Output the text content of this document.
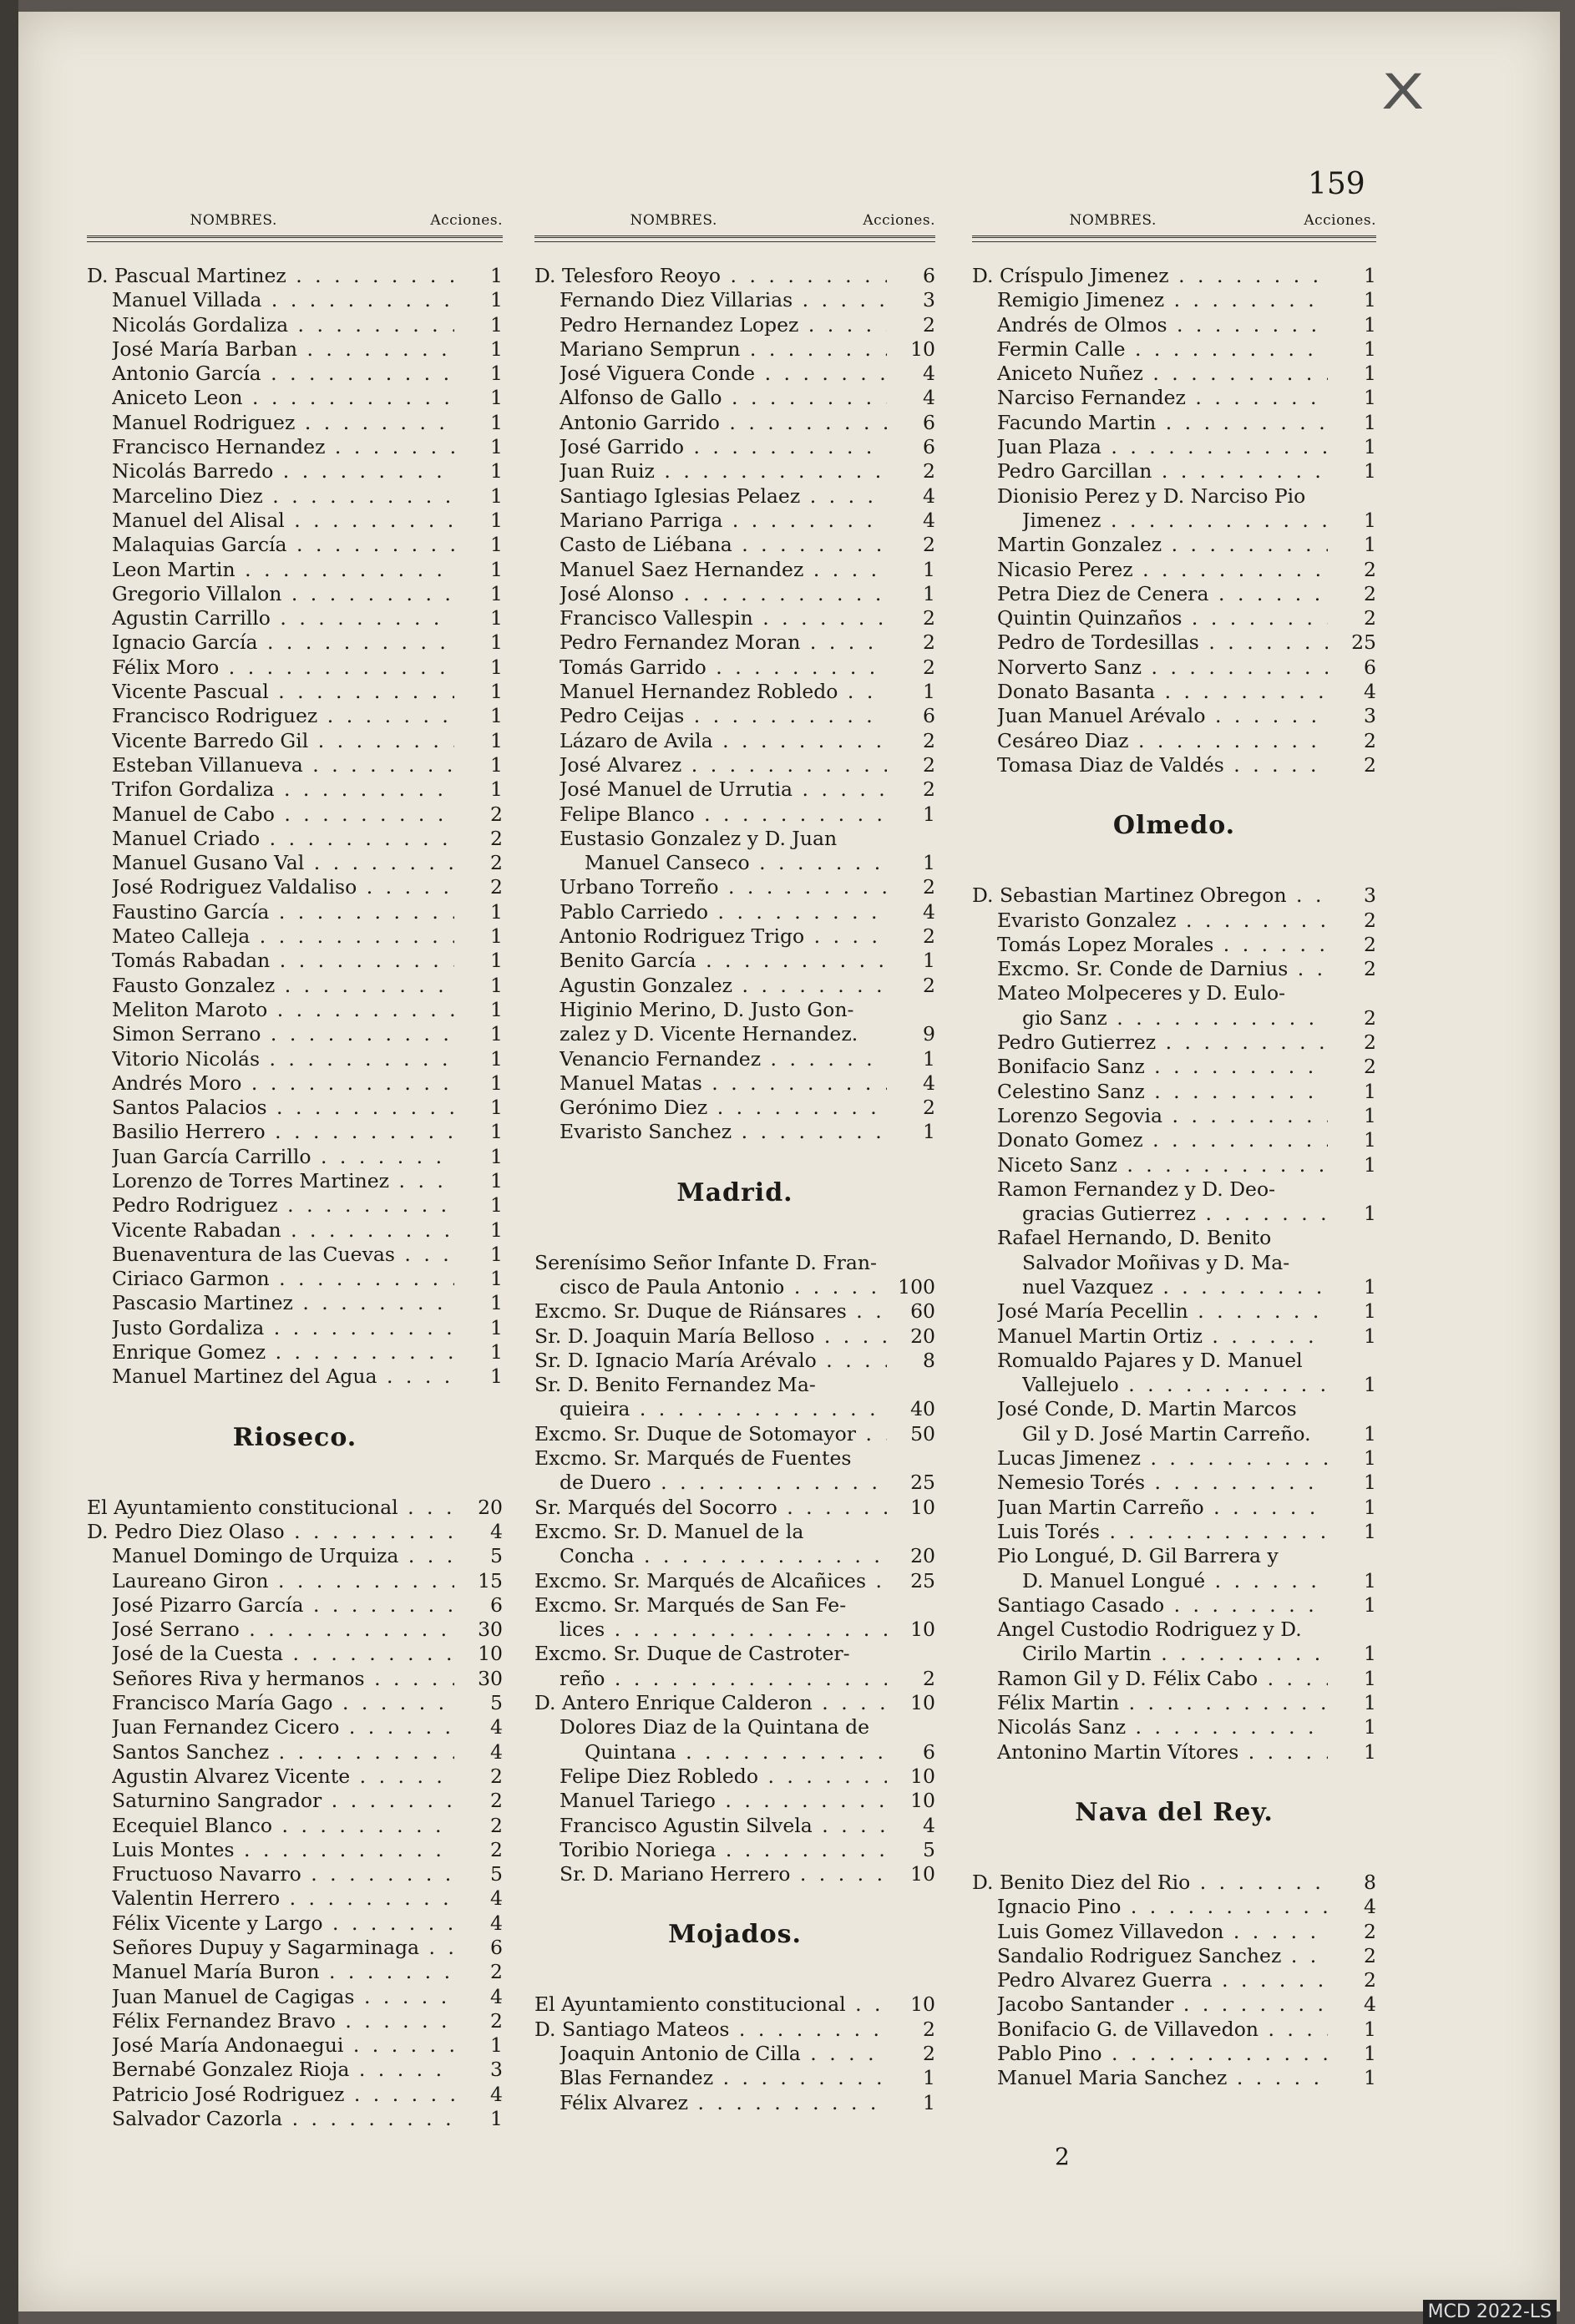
X
159
NOMBRES.	Acciones.
D. Pascual Martinez . . .	1
Manuel Villada . . .	1
Nicolás Gordaliza . . .	1
José María Barban . . .	1
Antonio García . . .	1
Aniceto Leon . . .	1
Manuel Rodriguez . . .	1
Francisco Hernandez . . .	1
Nicolás Barredo . . .	1
Marcelino Diez . . .	1
Manuel del Alisal . . .	1
Malaquias García . . .	1
Leon Martin . . .	1
Gregorio Villalon . . .	1
Agustin Carrillo . . .	1
Ignacio García . . .	1
Félix Moro . . .	1
Vicente Pascual . . .	1
Francisco Rodriguez . . .	1
Vicente Barredo Gil . . .	1
Esteban Villanueva . . .	1
Trifon Gordaliza . . .	1
Manuel de Cabo . . .	2
Manuel Criado . . .	2
Manuel Gusano Val . . .	2
José Rodriguez Valdaliso . . .	2
Faustino García . . .	1
Mateo Calleja . . .	1
Tomás Rabadan . . .	1
Fausto Gonzalez . . .	1
Meliton Maroto . . .	1
Simon Serrano . . .	1
Vitorio Nicolás . . .	1
Andrés Moro . . .	1
Santos Palacios . . .	1
Basilio Herrero . . .	1
Juan García Carrillo . . .	1
Lorenzo de Torres Martinez . . .	1
Pedro Rodriguez . . .	1
Vicente Rabadan . . .	1
Buenaventura de las Cuevas . . .	1
Ciriaco Garmon . . .	1
Pascasio Martinez . . .	1
Justo Gordaliza . . .	1
Enrique Gomez . . .	1
Manuel Martinez del Agua . . .	1
Rioseco.
El Ayuntamiento constitucional . . .	20
D. Pedro Diez Olaso . . .	4
Manuel Domingo de Urquiza . . .	5
Laureano Giron . . .	15
José Pizarro García . . .	6
José Serrano . . .	30
José de la Cuesta . . .	10
Señores Riva y hermanos . . .	30
Francisco María Gago . . .	5
Juan Fernandez Cicero . . .	4
Santos Sanchez . . .	4
Agustin Alvarez Vicente . . .	2
Saturnino Sangrador . . .	2
Ecequiel Blanco . . .	2
Luis Montes . . .	2
Fructuoso Navarro . . .	5
Valentin Herrero . . .	4
Félix Vicente y Largo . . .	4
Señores Dupuy y Sagarminaga . . .	6
Manuel María Buron . . .	2
Juan Manuel de Cagigas . . .	4
Félix Fernandez Bravo . . .	2
José María Andonaegui . . .	1
Bernabé Gonzalez Rioja . . .	3
Patricio José Rodriguez . . .	4
Salvador Cazorla . . .	1
NOMBRES.	Acciones.
D. Telesforo Reoyo . . .	6
Fernando Diez Villarias . . .	3
Pedro Hernandez Lopez . . .	2
Mariano Semprun . . .	10
José Viguera Conde . . .	4
Alfonso de Gallo . . .	4
Antonio Garrido . . .	6
José Garrido . . .	6
Juan Ruiz . . .	2
Santiago Iglesias Pelaez . . .	4
Mariano Parriga . . .	4
Casto de Liébana . . .	2
Manuel Saez Hernandez . . .	1
José Alonso . . .	1
Francisco Vallespin . . .	2
Pedro Fernandez Moran . . .	2
Tomás Garrido . . .	2
Manuel Hernandez Robledo . . .	1
Pedro Ceijas . . .	6
Lázaro de Avila . . .	2
José Alvarez . . .	2
José Manuel de Urrutia . . .	2
Felipe Blanco . . .	1
Eustasio Gonzalez y D. Juan
Manuel Canseco . . .	1
Urbano Torreño . . .	2
Pablo Carriedo . . .	4
Antonio Rodriguez Trigo . . .	2
Benito García . . .	1
Agustin Gonzalez . . .	2
Higinio Merino, D. Justo Gon-
zalez y D. Vicente Hernandez.	9
Venancio Fernandez . . .	1
Manuel Matas . . .	4
Gerónimo Diez . . .	2
Evaristo Sanchez . . .	1
Madrid.
Serenísimo Señor Infante D. Fran-
cisco de Paula Antonio . . .	100
Excmo. Sr. Duque de Riánsares . . .	60
Sr. D. Joaquin María Belloso . . .	20
Sr. D. Ignacio María Arévalo . . .	8
Sr. D. Benito Fernandez Ma-
quieira . . .	40
Excmo. Sr. Duque de Sotomayor . . .	50
Excmo. Sr. Marqués de Fuentes
de Duero . . .	25
Sr. Marqués del Socorro . . .	10
Excmo. Sr. D. Manuel de la
Concha . . .	20
Excmo. Sr. Marqués de Alcañices . . .	25
Excmo. Sr. Marqués de San Fe-
lices . . .	10
Excmo. Sr. Duque de Castroter-
reño . . .	2
D. Antero Enrique Calderon . . .	10
Dolores Diaz de la Quintana de
Quintana . . .	6
Felipe Diez Robledo . . .	10
Manuel Tariego . . .	10
Francisco Agustin Silvela . . .	4
Toribio Noriega . . .	5
Sr. D. Mariano Herrero . . .	10
Mojados.
El Ayuntamiento constitucional . . .	10
D. Santiago Mateos . . .	2
Joaquin Antonio de Cilla . . .	2
Blas Fernandez . . .	1
Félix Alvarez . . .	1
NOMBRES.	Acciones.
D. Críspulo Jimenez . . .	1
Remigio Jimenez . . .	1
Andrés de Olmos . . .	1
Fermin Calle . . .	1
Aniceto Nuñez . . .	1
Narciso Fernandez . . .	1
Facundo Martin . . .	1
Juan Plaza . . .	1
Pedro Garcillan . . .	1
Dionisio Perez y D. Narciso Pio
Jimenez . . .	1
Martin Gonzalez . . .	1
Nicasio Perez . . .	2
Petra Diez de Cenera . . .	2
Quintin Quinzaños . . .	2
Pedro de Tordesillas . . .	25
Norverto Sanz . . .	6
Donato Basanta . . .	4
Juan Manuel Arévalo . . .	3
Cesáreo Diaz . . .	2
Tomasa Diaz de Valdés . . .	2
Olmedo.
D. Sebastian Martinez Obregon . . .	3
Evaristo Gonzalez . . .	2
Tomás Lopez Morales . . .	2
Excmo. Sr. Conde de Darnius . . .	2
Mateo Molpeceres y D. Eulo-
gio Sanz . . .	2
Pedro Gutierrez . . .	2
Bonifacio Sanz . . .	2
Celestino Sanz . . .	1
Lorenzo Segovia . . .	1
Donato Gomez . . .	1
Niceto Sanz . . .	1
Ramon Fernandez y D. Deo-
gracias Gutierrez . . .	1
Rafael Hernando, D. Benito
Salvador Moñivas y D. Ma-
nuel Vazquez . . .	1
José María Pecellin . . .	1
Manuel Martin Ortiz . . .	1
Romualdo Pajares y D. Manuel
Vallejuelo . . .	1
José Conde, D. Martin Marcos
Gil y D. José Martin Carreño.	1
Lucas Jimenez . . .	1
Nemesio Torés . . .	1
Juan Martin Carreño . . .	1
Luis Torés . . .	1
Pio Longué, D. Gil Barrera y
D. Manuel Longué . . .	1
Santiago Casado . . .	1
Angel Custodio Rodriguez y D.
Cirilo Martin . . .	1
Ramon Gil y D. Félix Cabo . . .	1
Félix Martin . . .	1
Nicolás Sanz . . .	1
Antonino Martin Vítores . . .	1
Nava del Rey.
D. Benito Diez del Rio . . .	8
Ignacio Pino . . .	4
Luis Gomez Villavedon . . .	2
Sandalio Rodriguez Sanchez . . .	2
Pedro Alvarez Guerra . . .	2
Jacobo Santander . . .	4
Bonifacio G. de Villavedon . . .	1
Pablo Pino . . .	1
Manuel Maria Sanchez . . .	1
2
MCD 2022-LS
